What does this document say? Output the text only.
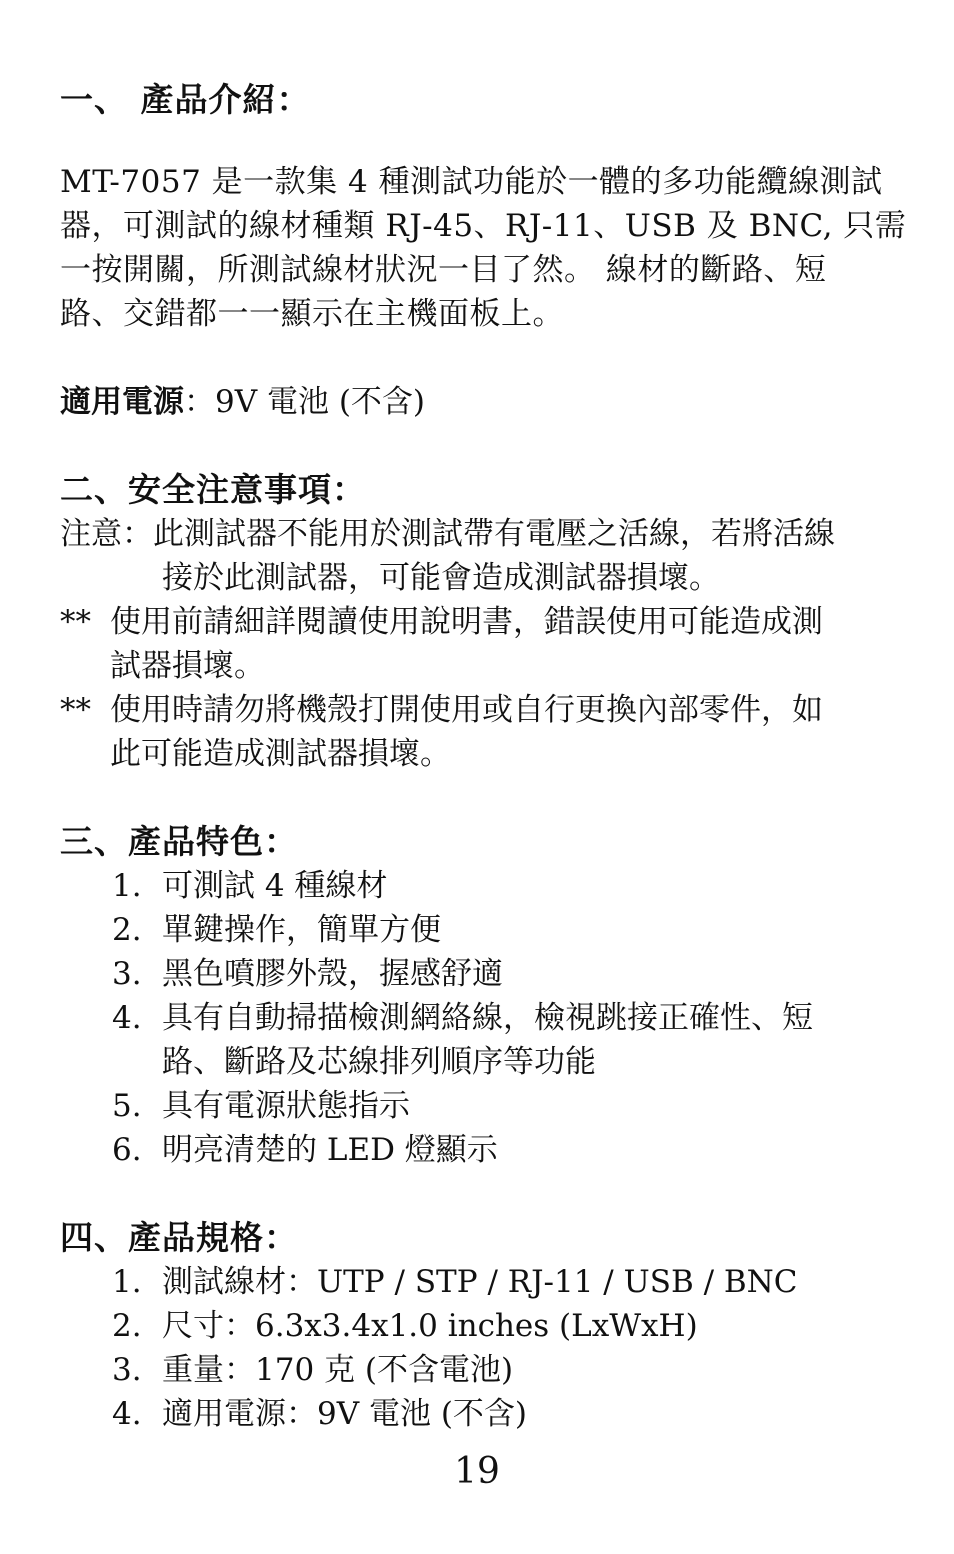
一、 產品介紹：

MT-7057 是一款集 4 種測試功能於一體的多功能纜線測試

器，可測試的線材種類 RJ-45、RJ-11、USB 及 BNC, 只需

一按開關，所測試線材狀況一目了然。 線材的斷路、短

路、交錯都一一顯示在主機面板上。

適用電源：9V 電池 (不含)

二、安全注意事項：

注意： 此測試器不能用於測試帶有電壓之活線，若將活線
接於此測試器，可能會造成測試器損壞。
** 使用前請細詳閱讀使用說明書，錯誤使用可能造成測
試器損壞。
** 使用時請勿將機殼打開使用或自行更換內部零件，如
此可能造成測試器損壞。

三、產品特色：

1. 可測試 4 種線材
2. 單鍵操作，簡單方便
3. 黑色噴膠外殼，握感舒適
4. 具有自動掃描檢測網絡線，檢視跳接正確性、短
路、斷路及芯線排列順序等功能
5. 具有電源狀態指示
6. 明亮清楚的 LED 燈顯示

四、產品規格：

1. 測試線材：UTP / STP / RJ-11 / USB / BNC
2. 尺寸：6.3x3.4x1.0 inches (LxWxH)
3. 重量：170 克 (不含電池)
4. 適用電源：9V 電池 (不含)
19
